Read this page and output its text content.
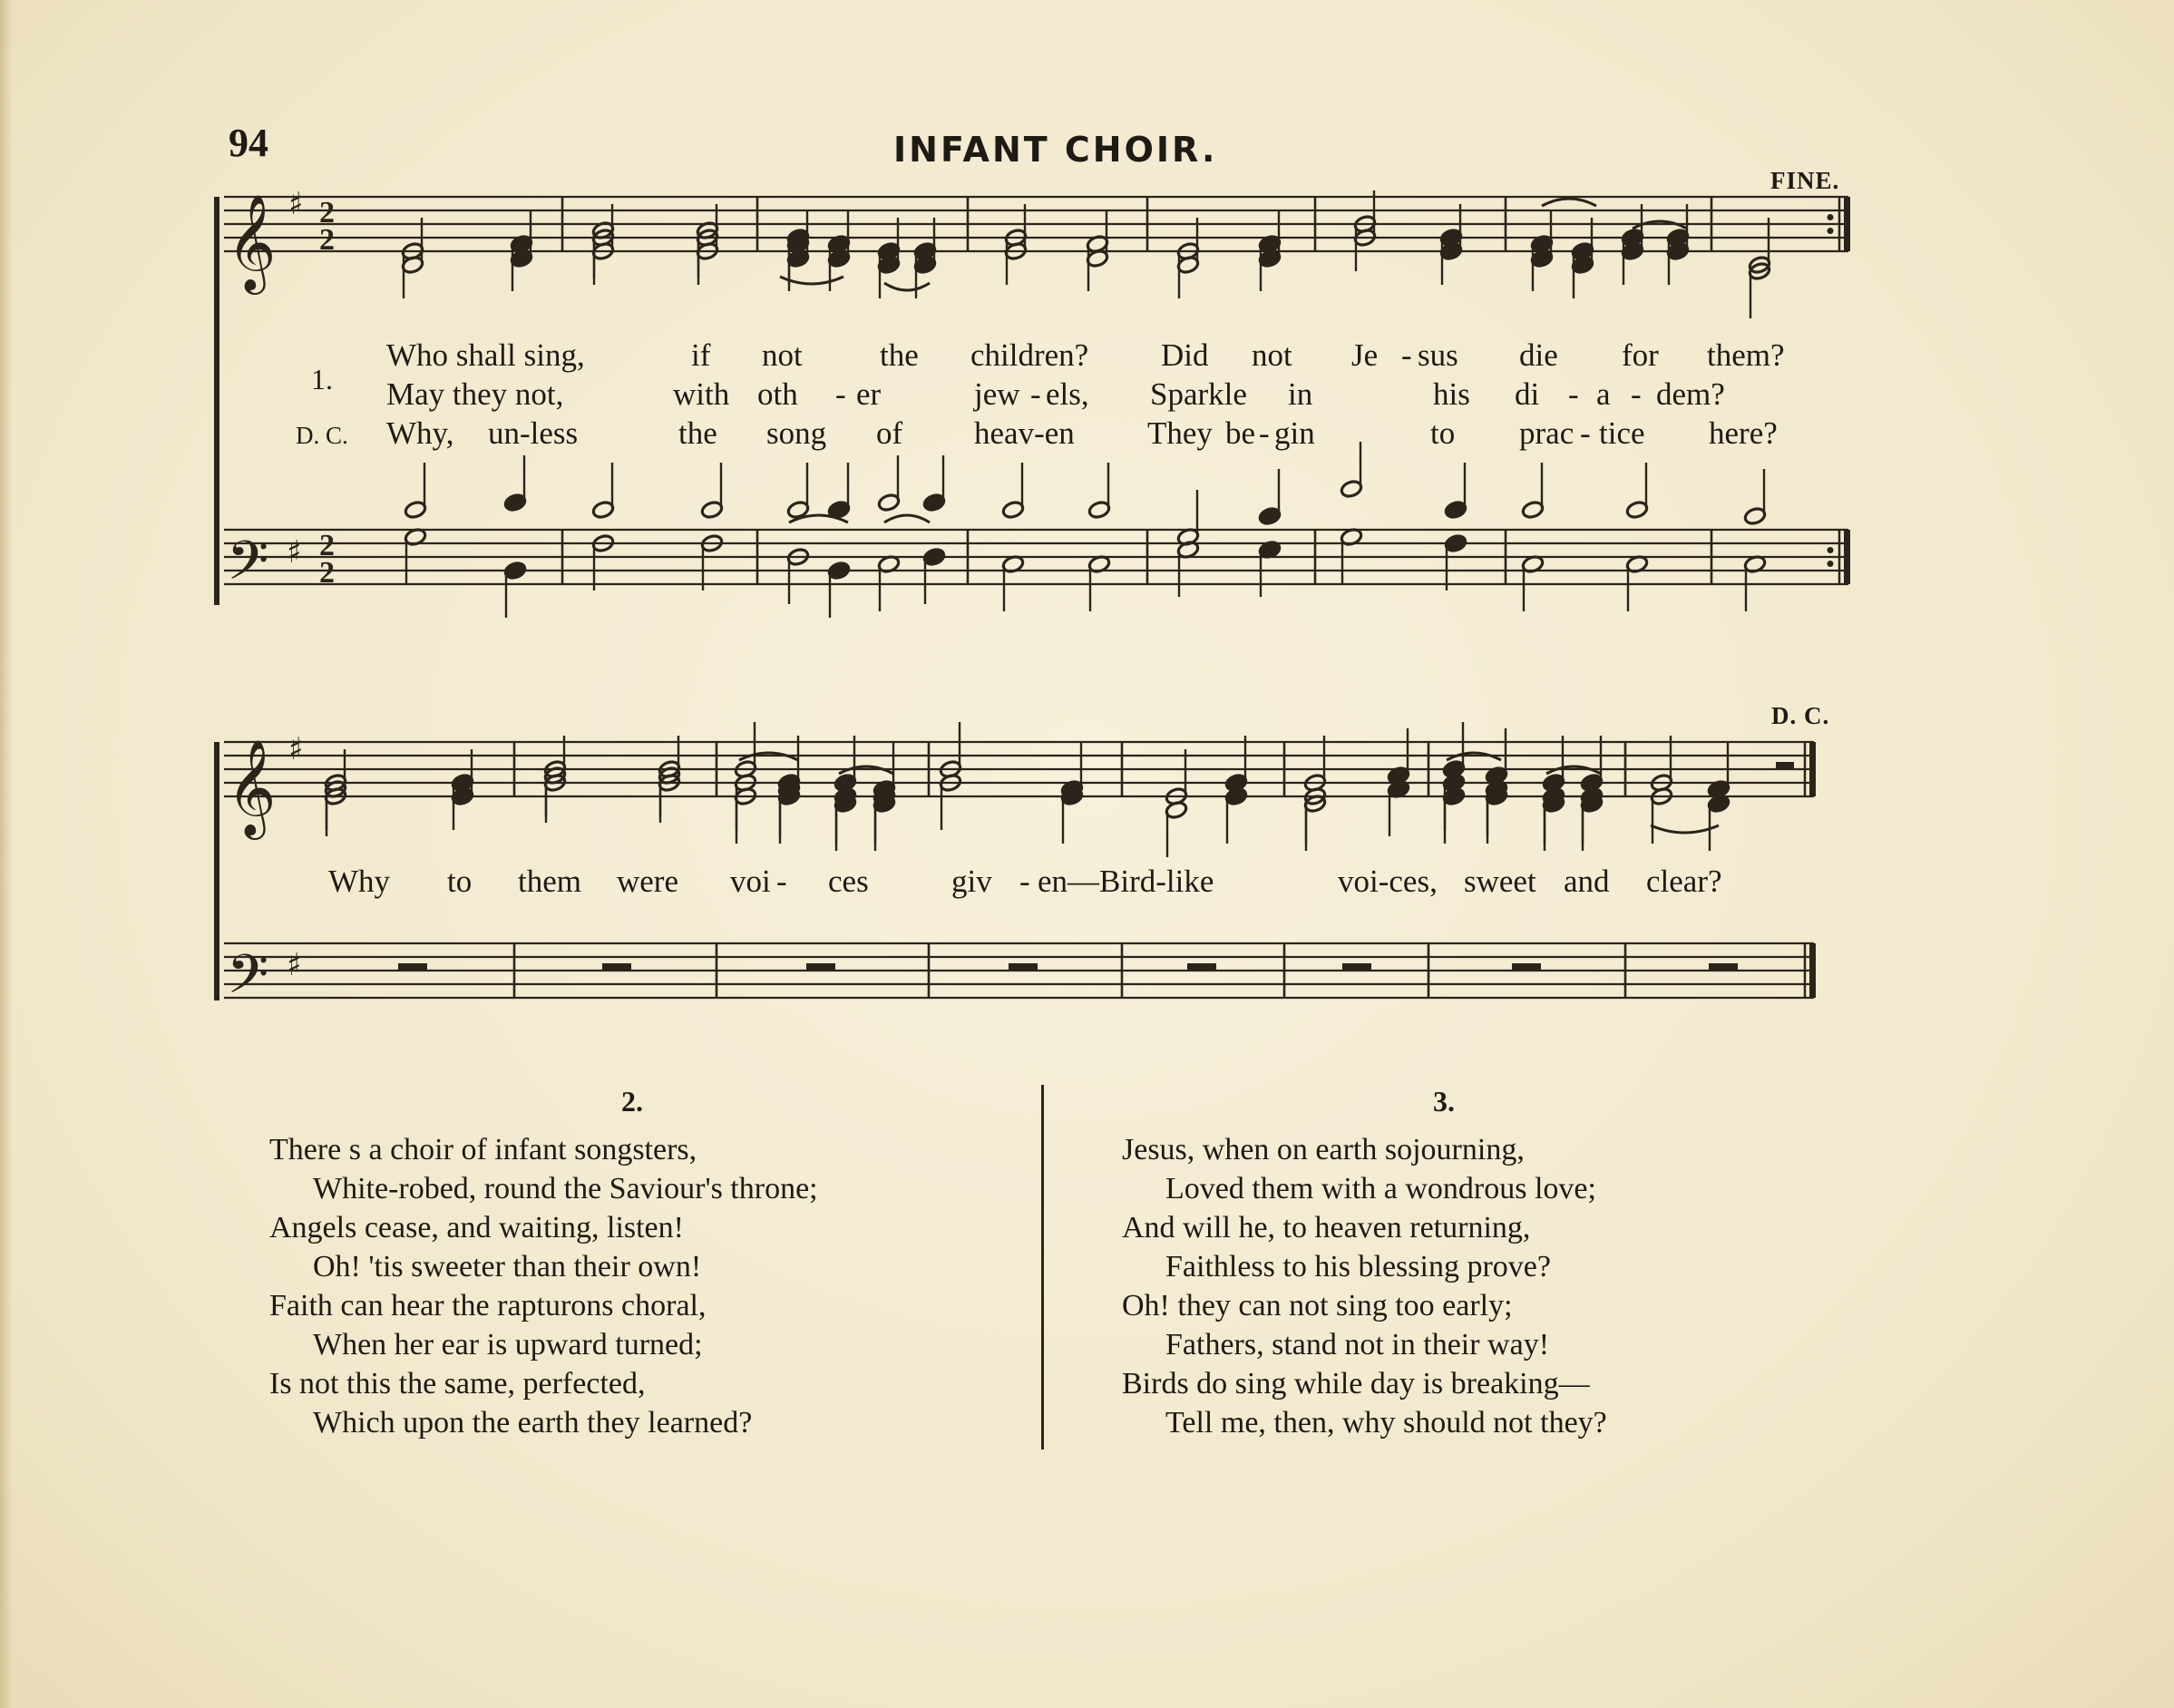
94	INFANT CHOIR.
FINE.
D. C.
𝄞
𝄢
𝄞
𝄢
♯
♯
♯
♯
2
2
2
2
1.
D. C.
Who shall sing,	if not the children? Did not Je - sus die for them?
May they not,	with oth - er	jew - els, Sparkle in	his di - a - dem?
Why, un-less	the song of heav-en They be - gin	to prac - tice here?
Why to them were voi - ces	giv - en—Bird-like	voi-ces, sweet and clear?
2.
There s a choir of infant songsters,
White-robed, round the Saviour's throne;
Angels cease, and waiting, listen!
Oh! 'tis sweeter than their own!
Faith can hear the rapturons choral,
When her ear is upward turned;
Is not this the same, perfected,
Which upon the earth they learned?
3.
Jesus, when on earth sojourning,
Loved them with a wondrous love;
And will he, to heaven returning,
Faithless to his blessing prove?
Oh! they can not sing too early;
Fathers, stand not in their way!
Birds do sing while day is breaking—
Tell me, then, why should not they?
